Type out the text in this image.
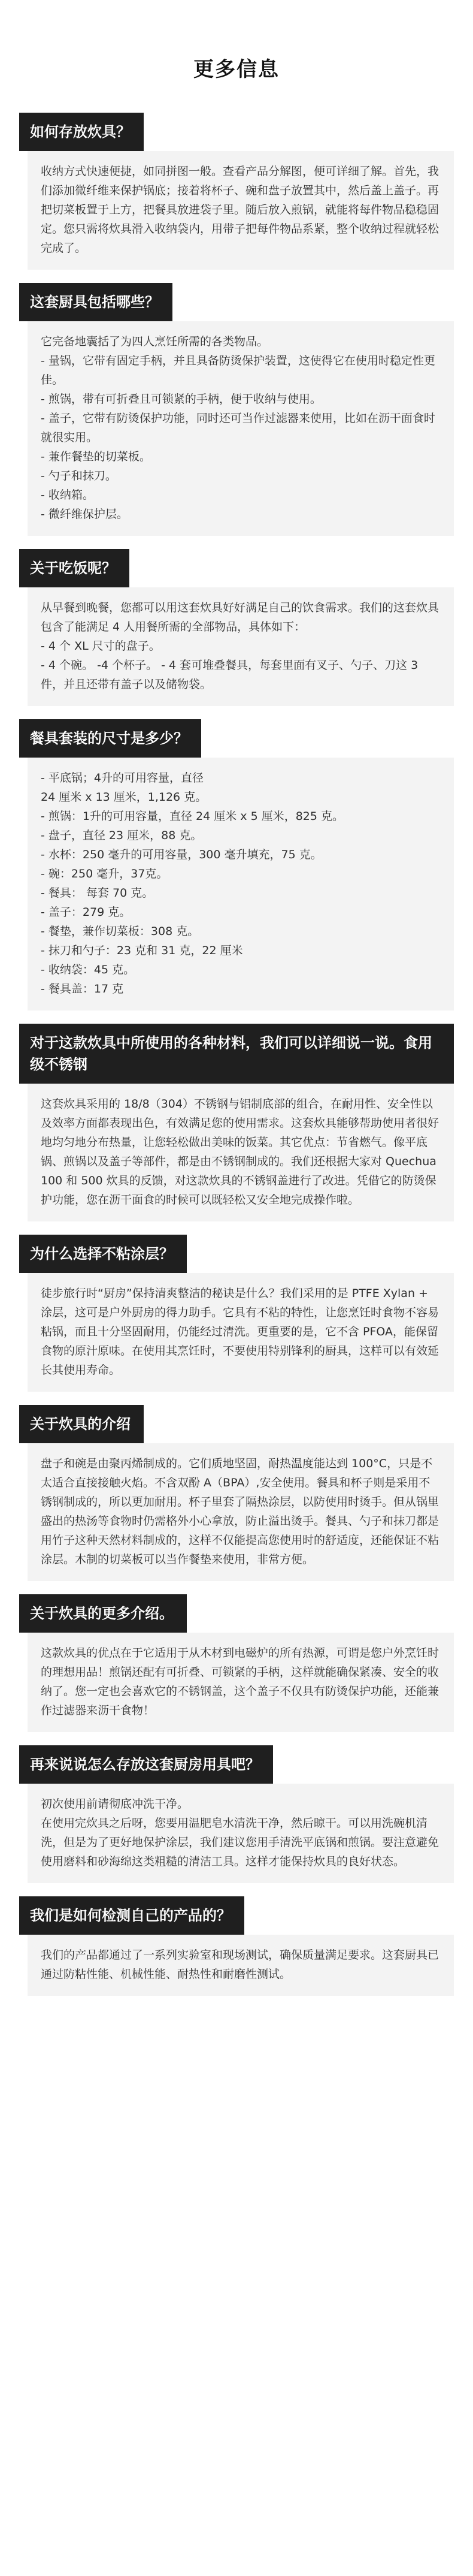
更多信息
如何存放炊具？

收纳方式快速便捷，如同拼图一般。查看产品分解图，便可详细了解。首先，我们添加微纤维来保护锅底；接着将杯子、碗和盘子放置其中，然后盖上盖子。再把切菜板置于上方，把餐具放进袋子里。随后放入煎锅，就能将每件物品稳稳固定。您只需将炊具滑入收纳袋内，用带子把每件物品系紧，整个收纳过程就轻松完成了。

这套厨具包括哪些？
它完备地囊括了为四人烹饪所需的各类物品。
- 量锅，它带有固定手柄，并且具备防烫保护装置，这使得它在使用时稳定性更佳。
- 煎锅，带有可折叠且可锁紧的手柄，便于收纳与使用。
- 盖子，它带有防烫保护功能，同时还可当作过滤器来使用，比如在沥干面食时就很实用。
- 兼作餐垫的切菜板。
- 勺子和抹刀。
- 收纳箱。
- 微纤维保护层。
关于吃饭呢？
从早餐到晚餐，您都可以用这套炊具好好满足自己的饮食需求。我们的这套炊具包含了能满足 4 人用餐所需的全部物品，具体如下：
- 4 个 XL 尺寸的盘子。
- 4 个碗。 -4 个杯子。 - 4 套可堆叠餐具，每套里面有叉子、勺子、刀这 3 件，并且还带有盖子以及储物袋。
餐具套装的尺寸是多少？
- 平底锅；4升的可用容量，直径
24 厘米 x 13 厘米，1,126 克。
- 煎锅：1升的可用容量，直径 24 厘米 x 5 厘米，825 克。
- 盘子，直径 23 厘米，88 克。
- 水杯：250 毫升的可用容量，300 毫升填充，75 克。
- 碗：250 毫升，37克。
- 餐具： 每套 70 克。
- 盖子：279 克。
- 餐垫，兼作切菜板：308 克。
- 抹刀和勺子：23 克和 31 克，22 厘米
- 收纳袋：45 克。
- 餐具盖：17 克
对于这款炊具中所使用的各种材料，我们可以详细说一说。食用级不锈钢

这套炊具采用的 18/8（304）不锈钢与铝制底部的组合，在耐用性、安全性以及效率方面都表现出色，有效满足您的使用需求。这套炊具能够帮助使用者很好地均匀地分布热量，让您轻松做出美味的饭菜。其它优点：节省燃气。像平底锅、煎锅以及盖子等部件，都是由不锈钢制成的。我们还根据大家对 Quechua 100 和 500 炊具的反馈，对这款炊具的不锈钢盖进行了改进。凭借它的防烫保护功能，您在沥干面食的时候可以既轻松又安全地完成操作啦。

为什么选择不粘涂层？

徒步旅行时“厨房”保持清爽整洁的秘诀是什么？我们采用的是 PTFE Xylan + 涂层，这可是户外厨房的得力助手。它具有不粘的特性，让您烹饪时食物不容易粘锅，而且十分坚固耐用，仍能经过清洗。更重要的是，它不含 PFOA，能保留食物的原汁原味。在使用其烹饪时，不要使用特别锋利的厨具，这样可以有效延长其使用寿命。

关于炊具的介绍

盘子和碗是由聚丙烯制成的。它们质地坚固，耐热温度能达到 100°C，只是不太适合直接接触火焰。不含双酚 A（BPA）,安全使用。餐具和杯子则是采用不锈钢制成的，所以更加耐用。杯子里套了隔热涂层，以防使用时烫手。但从锅里盛出的热汤等食物时仍需格外小心拿放，防止溢出烫手。餐具、勺子和抹刀都是用竹子这种天然材料制成的，这样不仅能提高您使用时的舒适度，还能保证不粘涂层。木制的切菜板可以当作餐垫来使用，非常方便。

关于炊具的更多介绍。

这款炊具的优点在于它适用于从木材到电磁炉的所有热源，可谓是您户外烹饪时的理想用品！煎锅还配有可折叠、可锁紧的手柄，这样就能确保紧凑、安全的收纳了。您一定也会喜欢它的不锈钢盖，这个盖子不仅具有防烫保护功能，还能兼作过滤器来沥干食物！

再来说说怎么存放这套厨房用具吧？
初次使用前请彻底冲洗干净。
在使用完炊具之后呀，您要用温肥皂水清洗干净，然后晾干。可以用洗碗机清洗，但是为了更好地保护涂层，我们建议您用手清洗平底锅和煎锅。要注意避免使用磨料和砂海绵这类粗糙的清洁工具。这样才能保持炊具的良好状态。
我们是如何检测自己的产品的？

我们的产品都通过了一系列实验室和现场测试，确保质量满足要求。这套厨具已通过防粘性能、机械性能、耐热性和耐磨性测试。
